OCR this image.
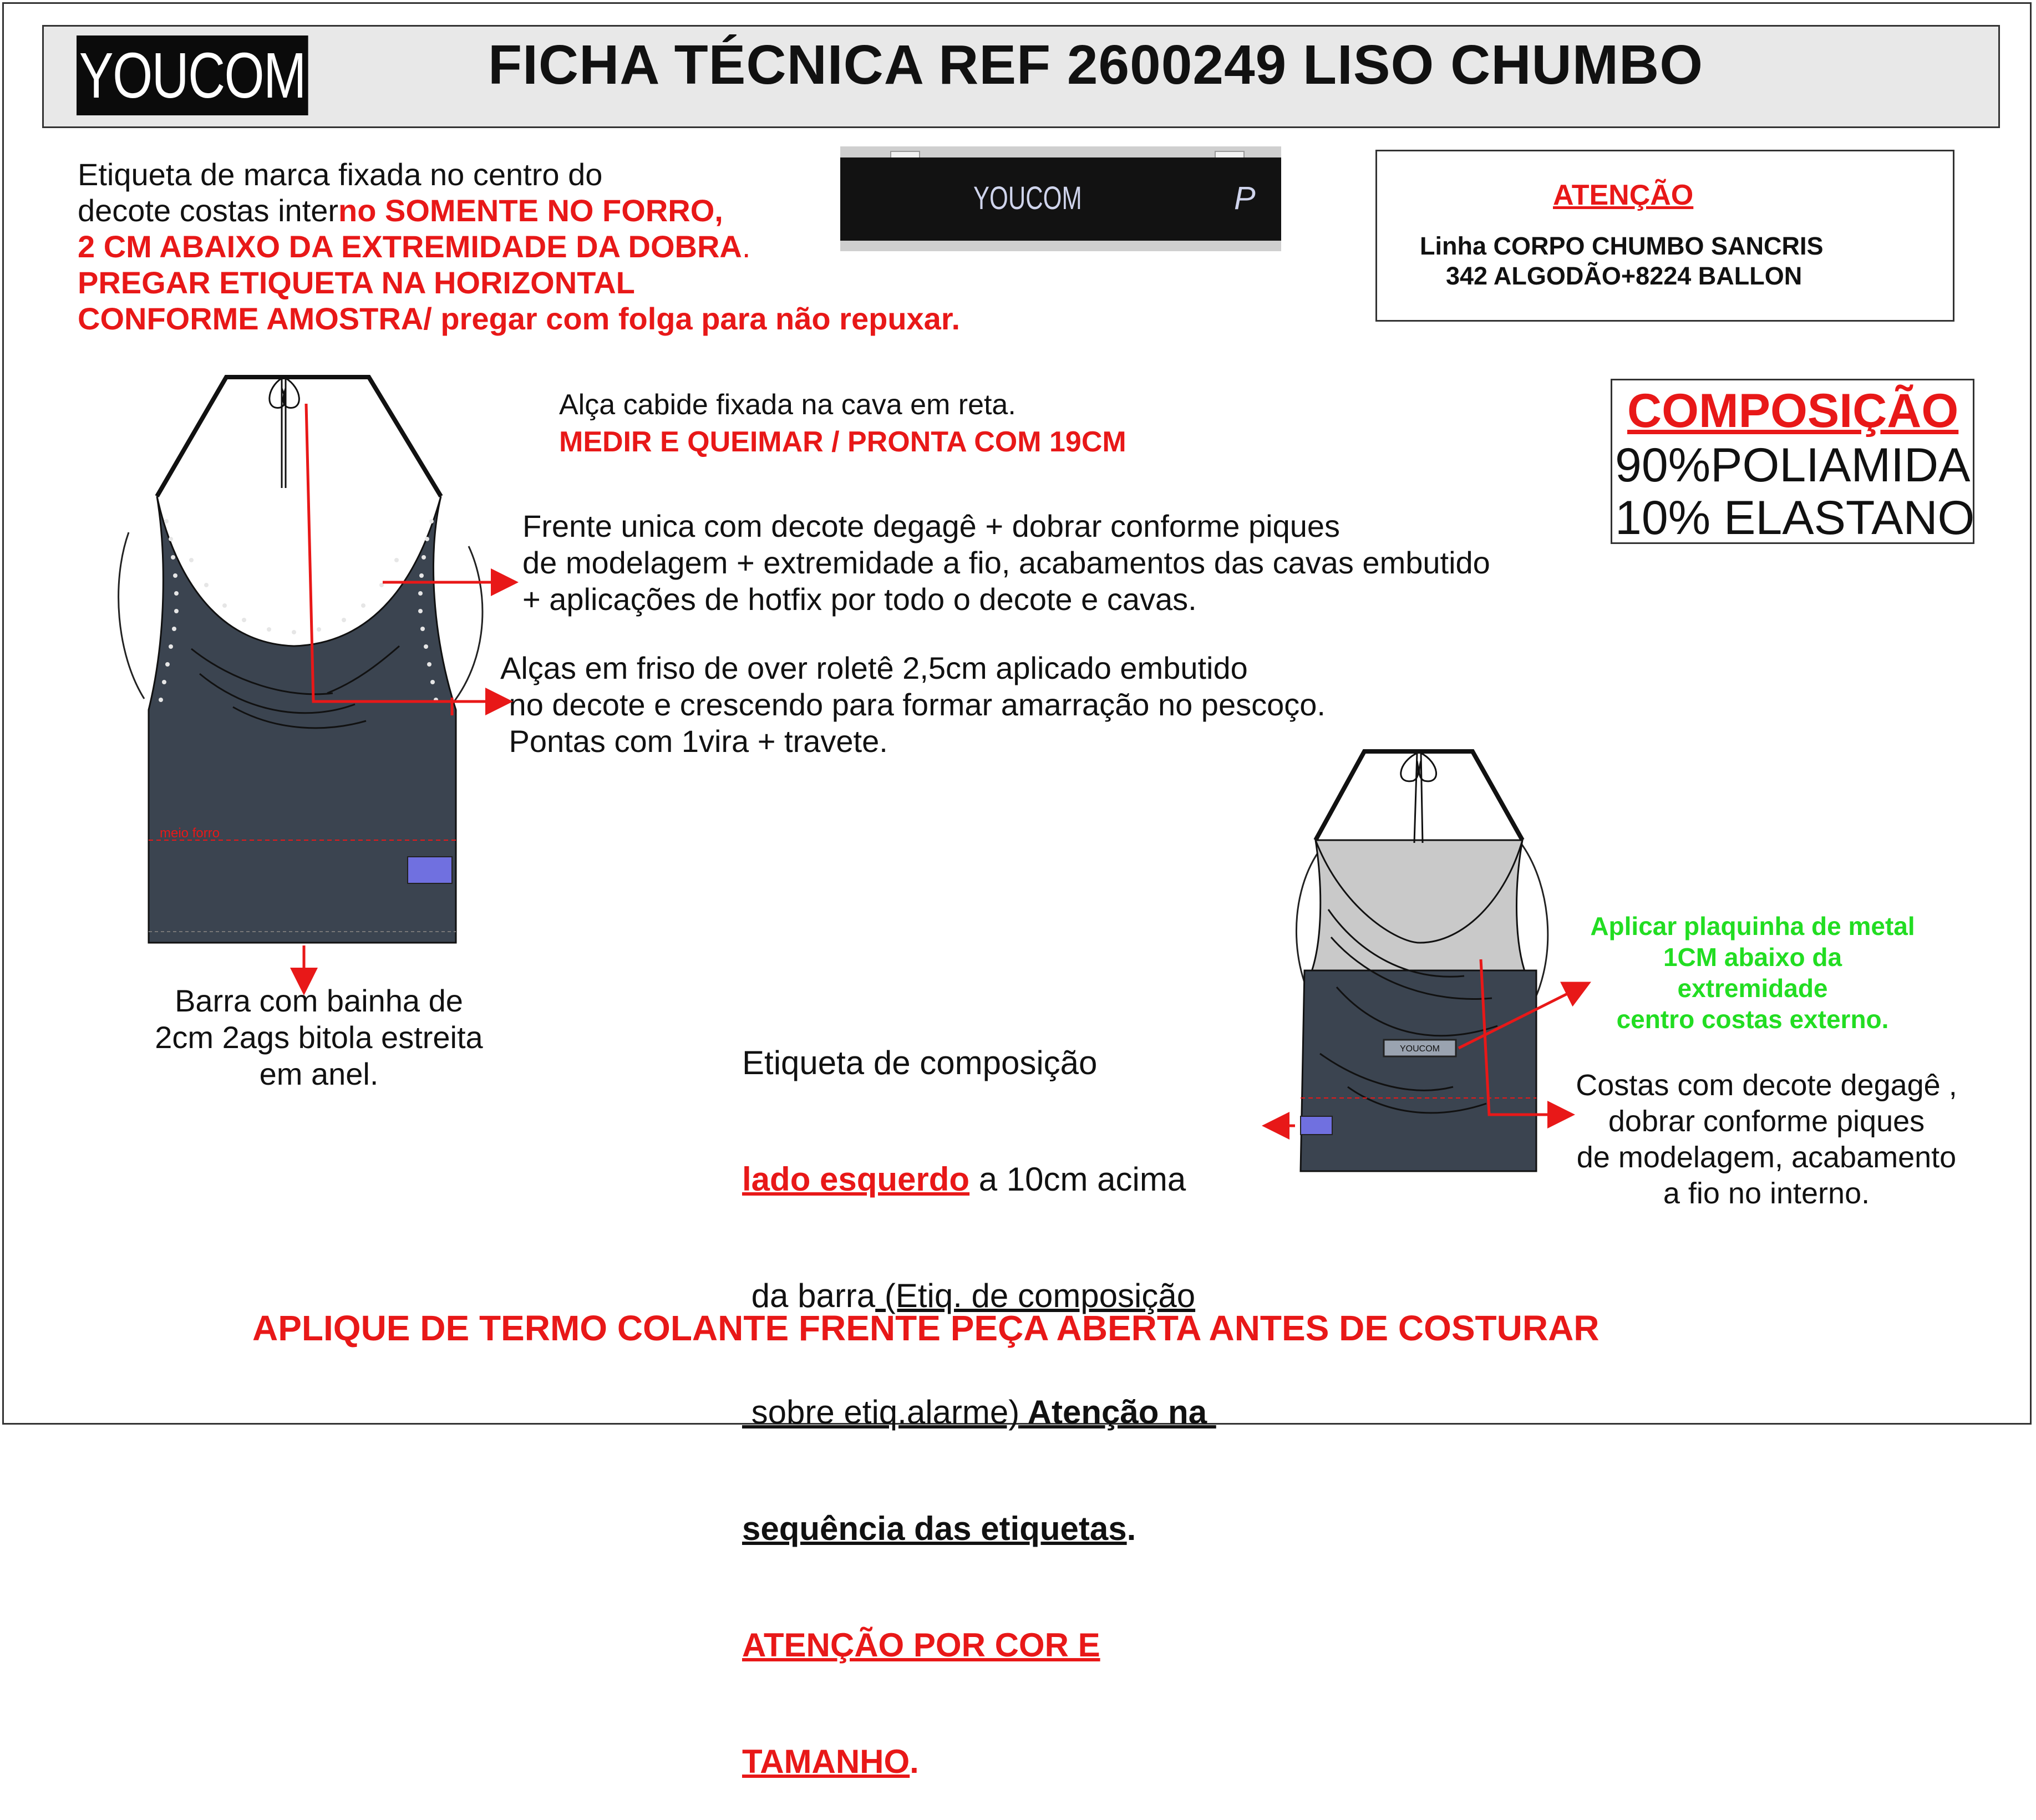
YOUCOM	FICHA TÉCNICA REF 2600249 LISO CHUMBO
Etiqueta de marca fixada no centro do
decote costas interno SOMENTE NO FORRO,
2 CM ABAIXO DA EXTREMIDADE DA DOBRA.
PREGAR ETIQUETA NA HORIZONTAL
CONFORME AMOSTRA/ pregar com folga para não repuxar.
YOUCOM	P	ATENÇÃO
Linha CORPO CHUMBO SANCRIS
342 ALGODÃO+8224 BALLON
COMPOSIÇÃO
90%POLIAMIDA
10% ELASTANO
Alça cabide fixada na cava em reta.
MEDIR E QUEIMAR / PRONTA COM 19CM
Frente unica com decote degagê + dobrar conforme piques
de modelagem + extremidade a fio, acabamentos das cavas embutido
+ aplicações de hotfix por todo o decote e cavas.
Alças em friso de over roletê 2,5cm aplicado embutido
no decote e crescendo para formar amarração no pescoço.
Pontas com 1vira + travete.
Barra com bainha de
2cm 2ags bitola estreita
em anel.

	Etiqueta de composição

lado esquerdo a 10cm acima

da barra (Etiq. de composição

sobre etiq.alarme) Atenção na

sequência das etiquetas.

ATENÇÃO POR COR E

TAMANHO.

Aplicar plaquinha de metal
1CM abaixo da extremidade
centro costas externo.
Costas com decote degagê ,
dobrar conforme piques
de modelagem, acabamento
a fio no interno.
APLIQUE DE TERMO COLANTE FRENTE PEÇA ABERTA ANTES DE COSTURAR
meio forro
YOUCOM
